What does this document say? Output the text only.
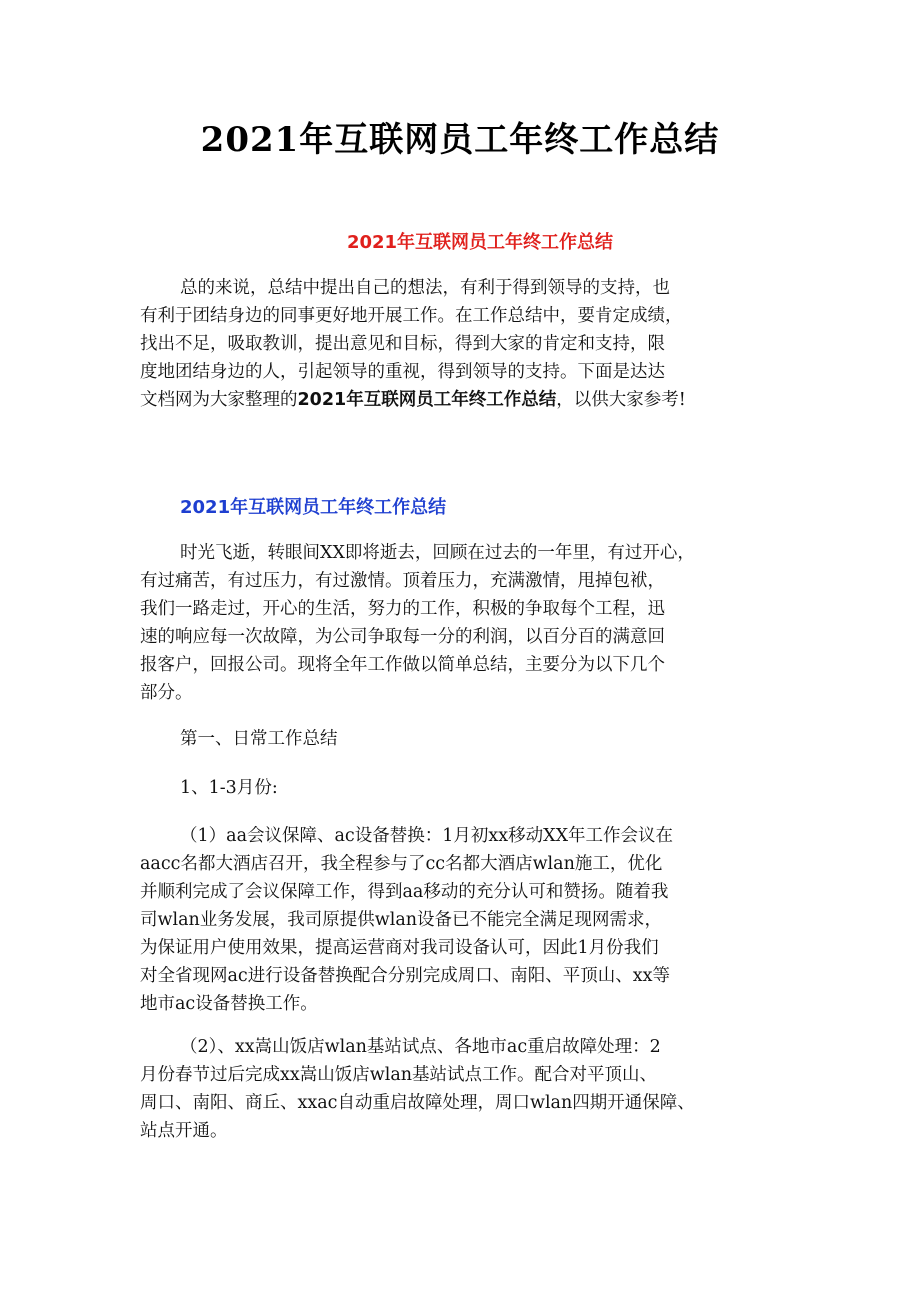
2021年互联网员工年终工作总结
2021年互联网员工年终工作总结
总的来说，总结中提出自己的想法，有利于得到领导的支持，也
有利于团结身边的同事更好地开展工作。在工作总结中，要肯定成绩，
找出不足，吸取教训，提出意见和目标，得到大家的肯定和支持，限
度地团结身边的人，引起领导的重视，得到领导的支持。下面是达达
文档网为大家整理的2021年互联网员工年终工作总结，以供大家参考!
2021年互联网员工年终工作总结
时光飞逝，转眼间XX即将逝去，回顾在过去的一年里，有过开心，
有过痛苦，有过压力，有过激情。顶着压力，充满激情，甩掉包袱，
我们一路走过，开心的生活，努力的工作，积极的争取每个工程，迅
速的响应每一次故障，为公司争取每一分的利润，以百分百的满意回
报客户，回报公司。现将全年工作做以简单总结，主要分为以下几个
部分。
第一、日常工作总结
1、1-3月份:
（1）aa会议保障、ac设备替换：1月初xx移动XX年工作会议在
aacc名都大酒店召开，我全程参与了cc名都大酒店wlan施工，优化
并顺利完成了会议保障工作，得到aa移动的充分认可和赞扬。随着我
司wlan业务发展，我司原提供wlan设备已不能完全满足现网需求，
为保证用户使用效果，提高运营商对我司设备认可，因此1月份我们
对全省现网ac进行设备替换配合分别完成周口、南阳、平顶山、xx等
地市ac设备替换工作。
（2）、xx嵩山饭店wlan基站试点、各地市ac重启故障处理：2
月份春节过后完成xx嵩山饭店wlan基站试点工作。配合对平顶山、
周口、南阳、商丘、xxac自动重启故障处理，周口wlan四期开通保障、
站点开通。
